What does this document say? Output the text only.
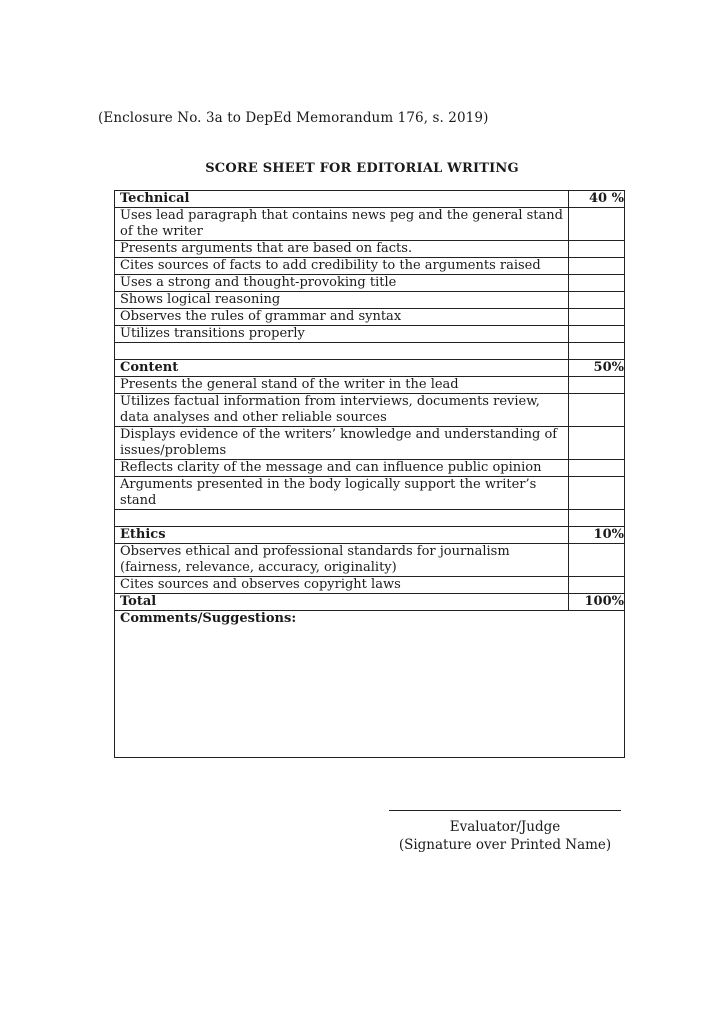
(Enclosure No. 3a to DepEd Memorandum 176, s. 2019)
SCORE SHEET FOR EDITORIAL WRITING
Technical	40 %
Uses lead paragraph that contains news peg and the general stand of the writer	
Presents arguments that are based on facts.	
Cites sources of facts to add credibility to the arguments raised	
Uses a strong and thought-provoking title	
Shows logical reasoning	
Observes the rules of grammar and syntax	
Utilizes transitions properly	

Content	50%
Presents the general stand of the writer in the lead	
Utilizes factual information from interviews, documents review, data analyses and other reliable sources	
Displays evidence of the writers’ knowledge and understanding of issues/problems	
Reflects clarity of the message and can influence public opinion	
Arguments presented in the body logically support the writer’s stand	

Ethics	10%
Observes ethical and professional standards for journalism (fairness, relevance, accuracy, originality)	
Cites sources and observes copyright laws	
Total	100%
Comments/Suggestions:	
Evaluator/Judge
(Signature over Printed Name)
